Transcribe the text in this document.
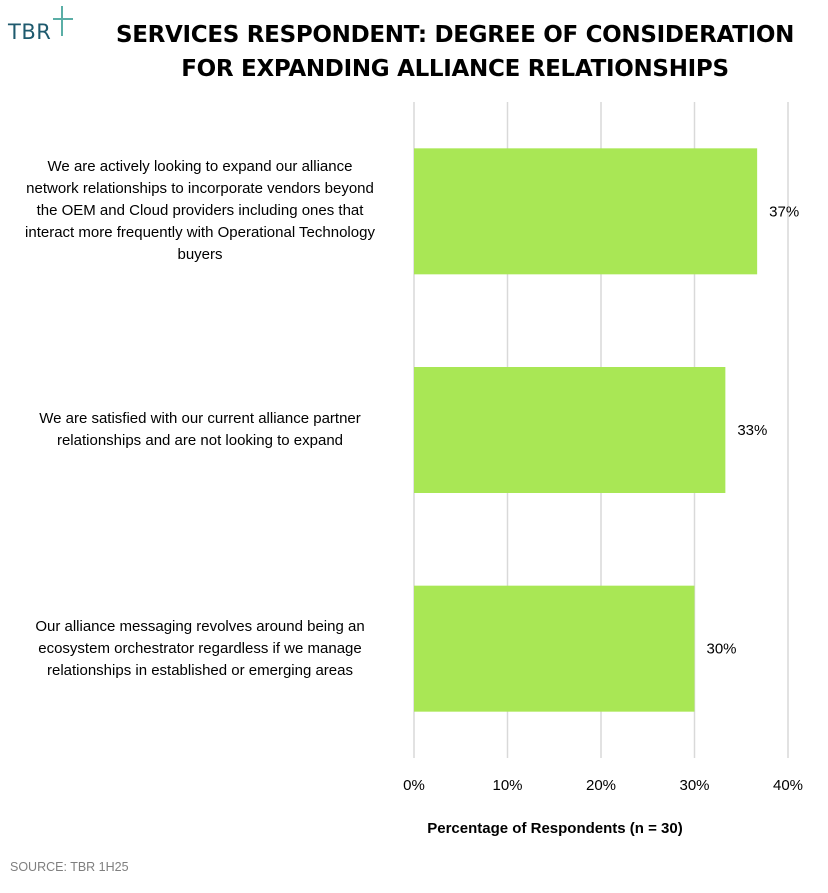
TBR	SERVICES RESPONDENT: DEGREE OF CONSIDERATION
FOR EXPANDING ALLIANCE RELATIONSHIPS
37%
33%
30%
0%	10%	20%	30%	40%
Percentage of Respondents (n = 30)
We are actively looking to expand our alliance
network relationships to incorporate vendors beyond
the OEM and Cloud providers including ones that
interact more frequently with Operational Technology
buyers
We are satisfied with our current alliance partner
relationships and are not looking to expand
Our alliance messaging revolves around being an
ecosystem orchestrator regardless if we manage
relationships in established or emerging areas
SOURCE: TBR 1H25
